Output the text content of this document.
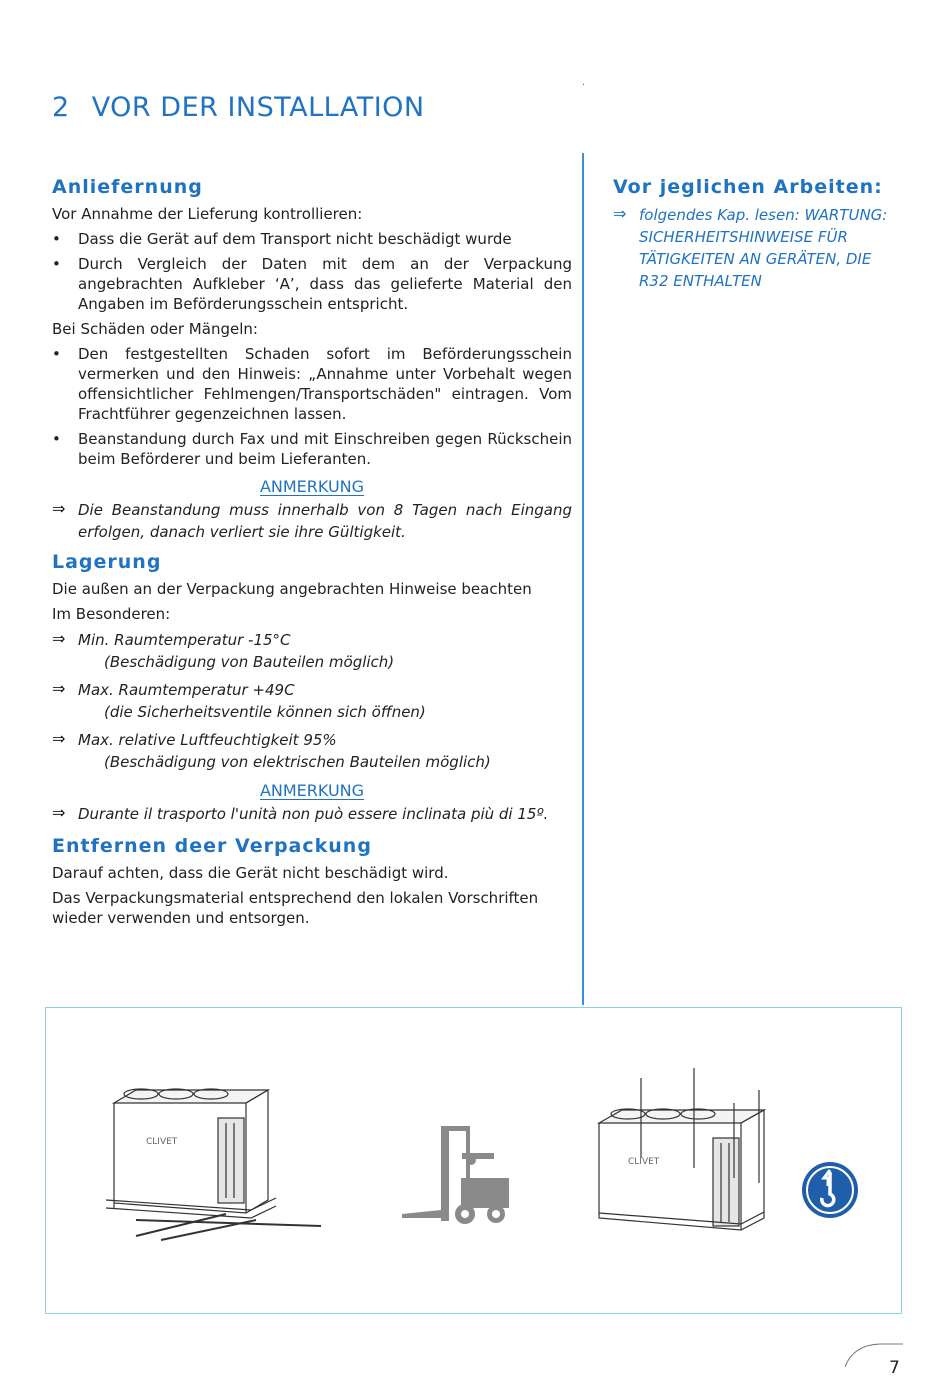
2 VOR DER INSTALLATION
·
Anliefernung

Vor Annahme der Lieferung kontrollieren:

• Dass die Gerät auf dem Transport nicht beschädigt wurde
• Durch Vergleich der Daten mit dem an der Verpackung angebrachten Aufkleber ‘A’, dass das gelieferte Material den Angaben im Beförderungsschein entspricht.

Bei Schäden oder Mängeln:

• Den festgestellten Schaden sofort im Beförderungsschein vermerken und den Hinweis: „Annahme unter Vorbehalt wegen offensichtlicher Fehlmengen/Transportschäden" eintragen. Vom Frachtführer gegenzeichnen lassen.
• Beanstandung durch Fax und mit Einschreiben gegen Rückschein beim Beförderer und beim Lieferanten.
ANMERKUNG
⇒ Die Beanstandung muss innerhalb von 8 Tagen nach Eingang erfolgen, danach verliert sie ihre Gültigkeit.
Lagerung

Die außen an der Verpackung angebrachten Hinweise beachten

Im Besonderen:

⇒ Min. Raumtemperatur -15°C
(Beschädigung von Bauteilen möglich)
⇒ Max. Raumtemperatur +49C
(die Sicherheitsventile können sich öffnen)
⇒ Max. relative Luftfeuchtigkeit 95%
(Beschädigung von elektrischen Bauteilen möglich)
ANMERKUNG
⇒ Durante il trasporto l'unità non può essere inclinata più di 15º.
Entfernen deer Verpackung

Darauf achten, dass die Gerät nicht beschädigt wird.

Das Verpackungsmaterial entsprechend den lokalen Vorschriften wieder verwenden und entsorgen.

Vor jeglichen Arbeiten:
⇒ folgendes Kap. lesen: WARTUNG: SICHERHEITSHINWEISE FÜR TÄTIGKEITEN AN GERÄTEN, DIE R32 ENTHALTEN
CLIVET
CLIVET
7
